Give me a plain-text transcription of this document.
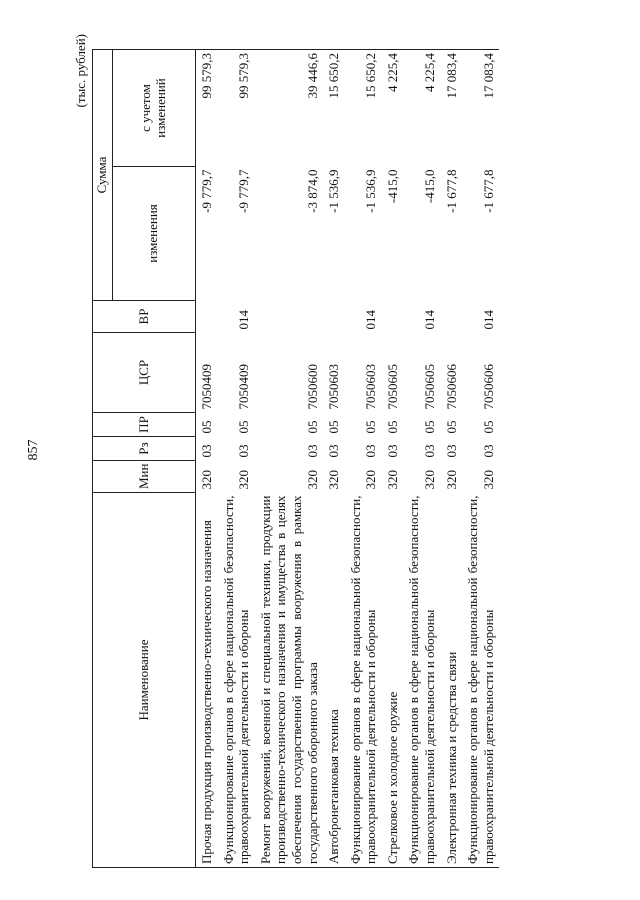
857
(тыс. рублей)
Наименование	Мин	Рз	ПР	ЦСР	ВР	Сумма	
						изменения	с учетом изменений
Прочая продукция производственно-технического назначения	320	03	05	7050409		-9 779,7	99 579,3
Функционирование органов в сфере национальной безопасности, правоохранительной деятельности и обороны	320	03	05	7050409	014	-9 779,7	99 579,3
Ремонт вооружений, военной и специальной техники, продукции производственно-технического назначения и имущества в целях обеспечения государственной программы вооружения в рамках государственного оборонного заказа	320	03	05	7050600		-3 874,0	39 446,6
Автобронетанковая техника	320	03	05	7050603		-1 536,9	15 650,2
Функционирование органов в сфере национальной безопасности, правоохранительной деятельности и обороны	320	03	05	7050603	014	-1 536,9	15 650,2
Стрелковое и холодное оружие	320	03	05	7050605		-415,0	4 225,4
Функционирование органов в сфере национальной безопасности, правоохранительной деятельности и обороны	320	03	05	7050605	014	-415,0	4 225,4
Электронная техника и средства связи	320	03	05	7050606		-1 677,8	17 083,4
Функционирование органов в сфере национальной безопасности, правоохранительной деятельности и обороны	320	03	05	7050606	014	-1 677,8	17 083,4
